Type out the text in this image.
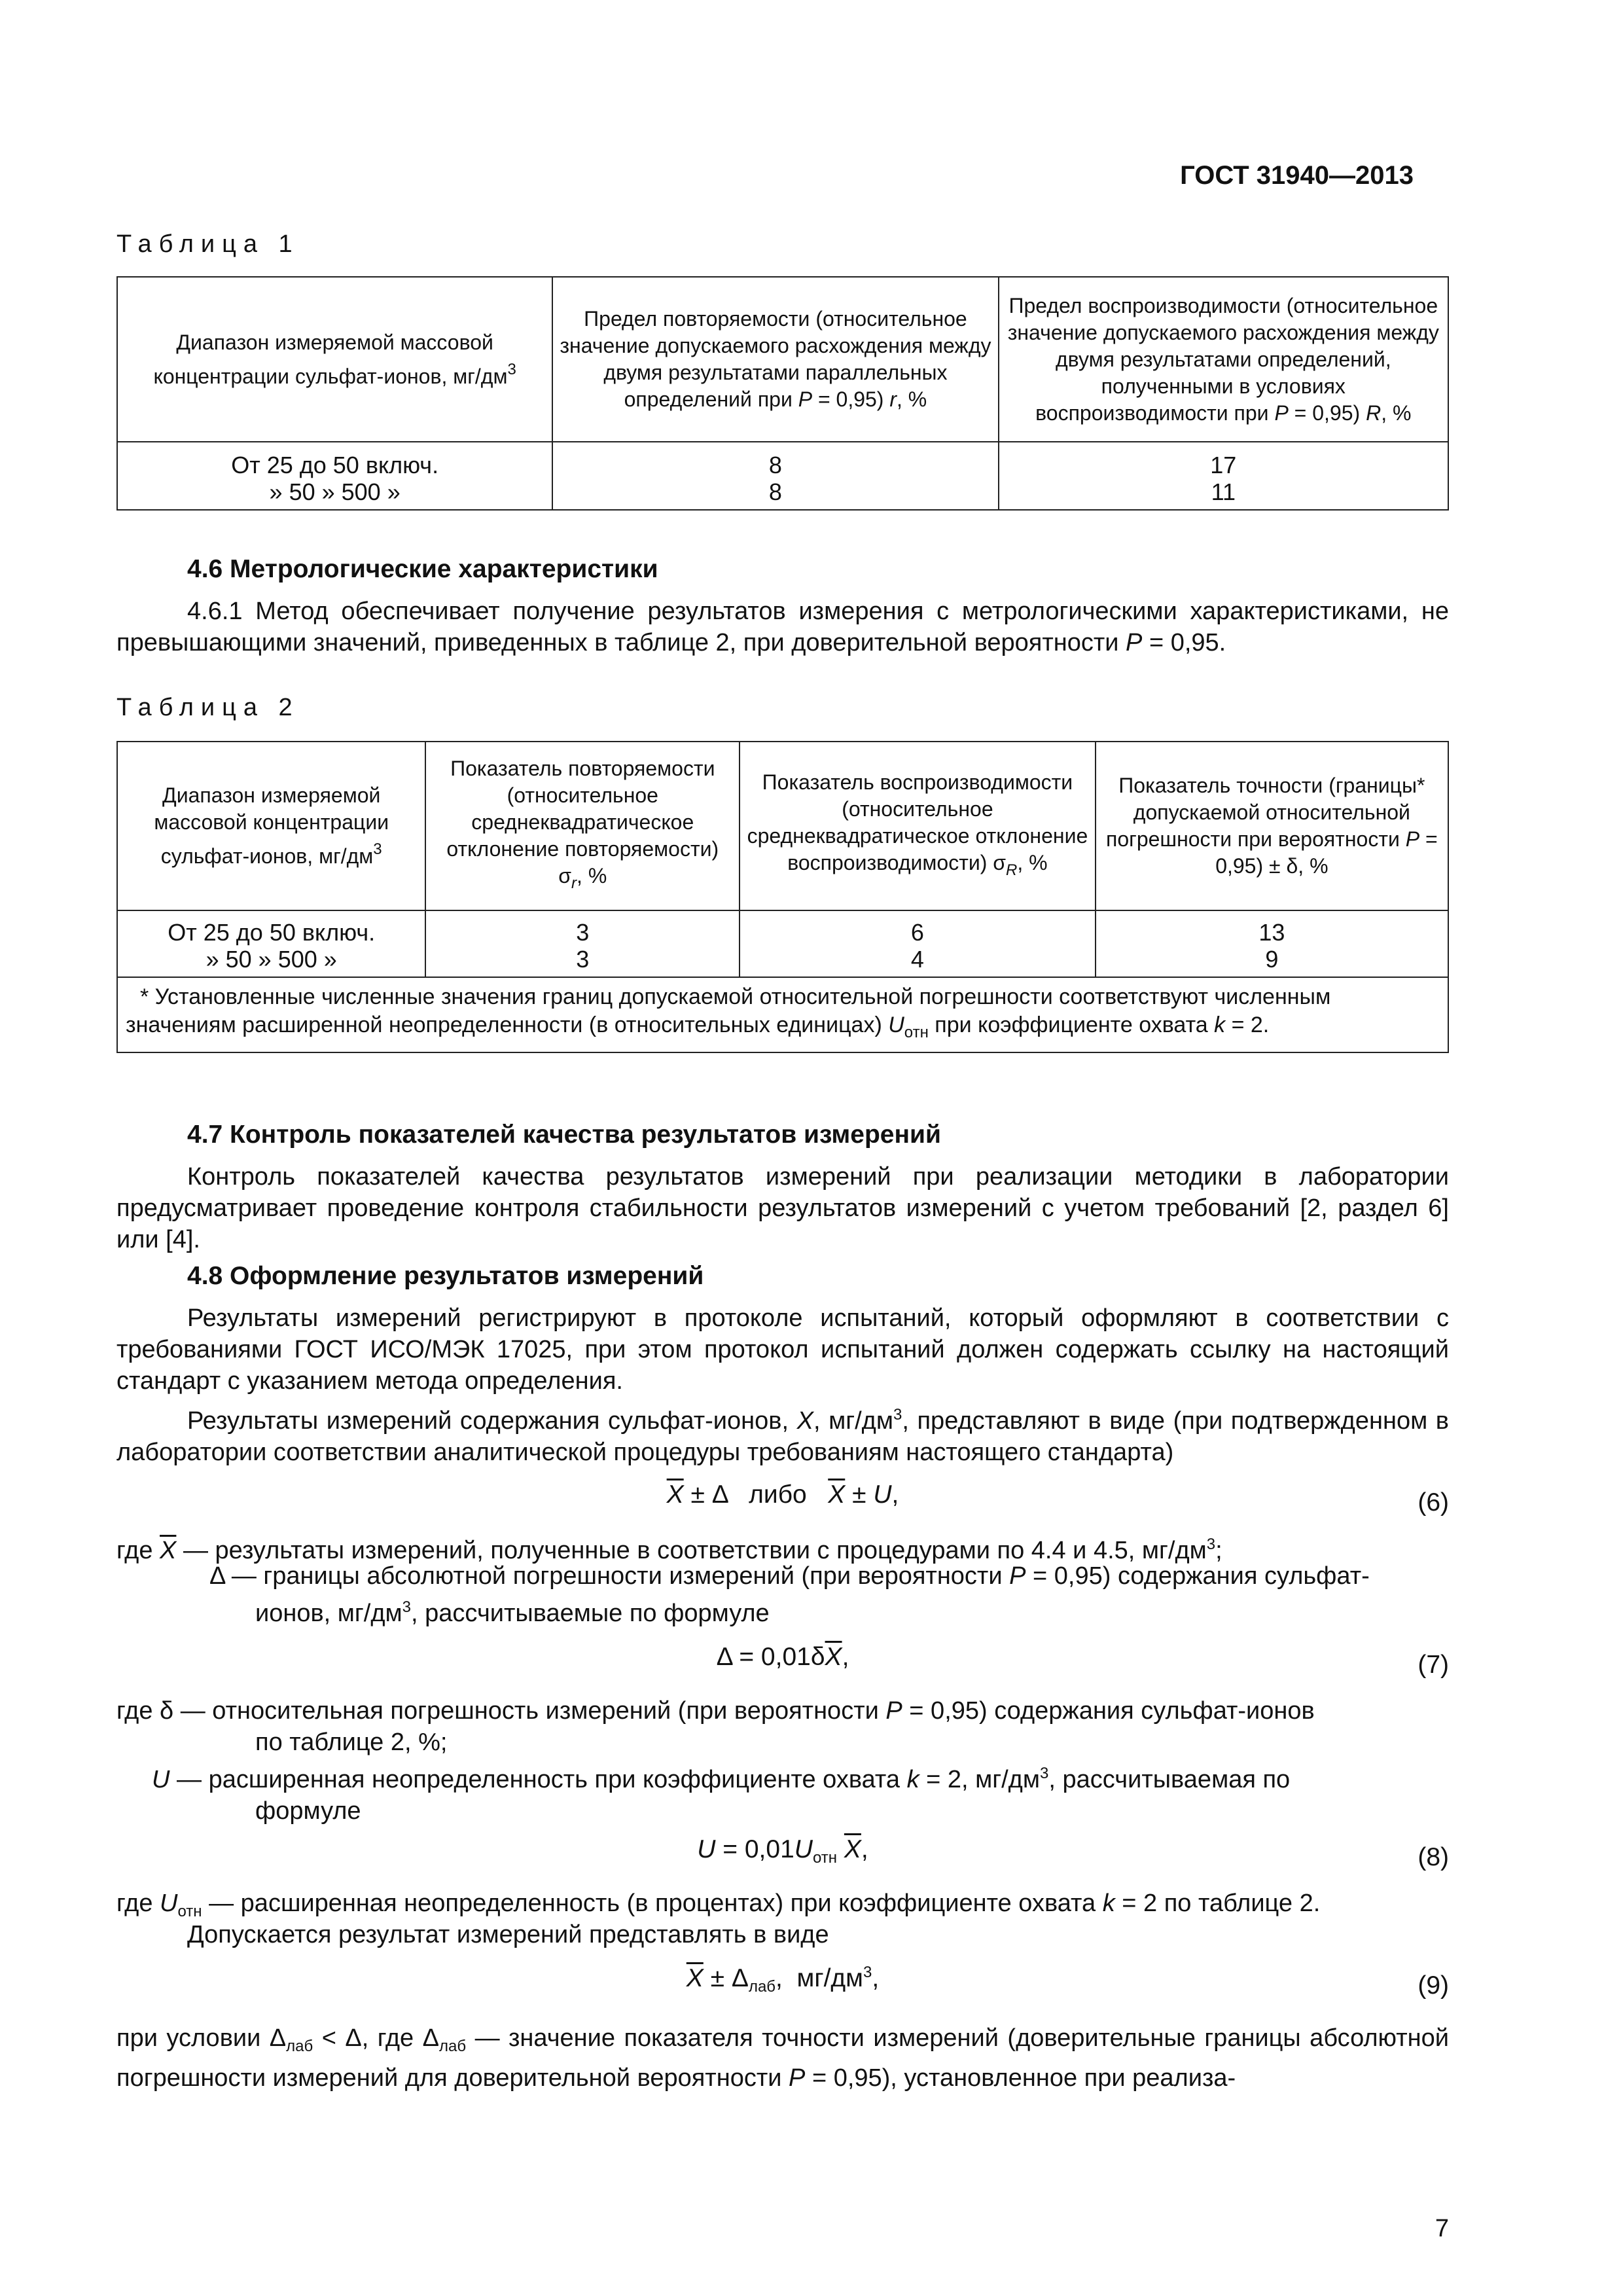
ГОСТ 31940—2013
Таблица 1
Диапазон измеряемой массовой концентрации сульфат-ионов, $мг/дм^3$	Предел повторяемости (относительное значение допускаемого расхождения между двумя результатами параллельных определений при P = 0,95) r, %	Предел воспроизводимости (относительное значение допускаемого расхождения между двумя результатами определений, полученными в условиях воспроизводимости при P = 0,95) R, %
От 25 до 50 включ.	8	17
» 50 » 500 »	8	11
4.6 Метрологические характеристики
4.6.1 Метод обеспечивает получение результатов измерения с метрологическими характеристиками, не превышающими значений, приведенных в таблице 2, при доверительной вероятности P = 0,95.
Таблица 2
Диапазон измеряемой массовой концентрации сульфат-ионов, $мг/дм^3$	Показатель повторяемости (относительное среднеквадратическое отклонение повторяемости) $\sigma_r$, %	Показатель воспроизводимости (относительное среднеквадратическое отклонение воспроизводимости) $\sigma_R$, %	Показатель точности (границы* допускаемой относительной погрешности при вероятности P = 0,95) ± δ, %
От 25 до 50 включ.	3	6	13
» 50 » 500 »	3	4	9
* Установленные численные значения границ допускаемой относительной погрешности соответствуют численным значениям расширенной неопределенности (в относительных единицах) $U_{отн}$ при коэффициенте охвата k = 2.			
4.7 Контроль показателей качества результатов измерений
Контроль показателей качества результатов измерений при реализации методики в лаборатории предусматривает проведение контроля стабильности результатов измерений с учетом требований [2, раздел 6] или [4].
4.8 Оформление результатов измерений
Результаты измерений регистрируют в протоколе испытаний, который оформляют в соответствии с требованиями ГОСТ ИСО/МЭК 17025, при этом протокол испытаний должен содержать ссылку на настоящий стандарт с указанием метода определения.
Результаты измерений содержания сульфат-ионов, X, $мг/дм^3$, представляют в виде (при подтвержденном в лаборатории соответствии аналитической процедуры требованиям настоящего стандарта)
$\overline{X} \pm \Delta$   либо   $\overline{X} \pm U$,	(6)
где $\overline{X}$ — результаты измерений, полученные в соответствии с процедурами по 4.4 и 4.5, $мг/дм^3$;
Δ — границы абсолютной погрешности измерений (при вероятности P = 0,95) содержания сульфат-
ионов, $мг/дм^3$, рассчитываемые по формуле
$\Delta = 0,01\delta\overline{X}$,	(7)
где δ — относительная погрешность измерений (при вероятности P = 0,95) содержания сульфат-ионов
по таблице 2, %;
U — расширенная неопределенность при коэффициенте охвата k = 2, $мг/дм^3$, рассчитываемая по
формуле
$U = 0,01U_{отн}$ $\overline{X}$,	(8)
где $U_{отн}$ — расширенная неопределенность (в процентах) при коэффициенте охвата k = 2 по таблице 2.
Допускается результат измерений представлять в виде
$\overline{X} \pm \Delta_{лаб}$,  $мг/дм^3$,	(9)
при условии $\Delta_{лаб} < \Delta$, где $\Delta_{лаб}$ — значение показателя точности измерений (доверительные границы абсолютной погрешности измерений для доверительной вероятности P = 0,95), установленное при реализа-
7
